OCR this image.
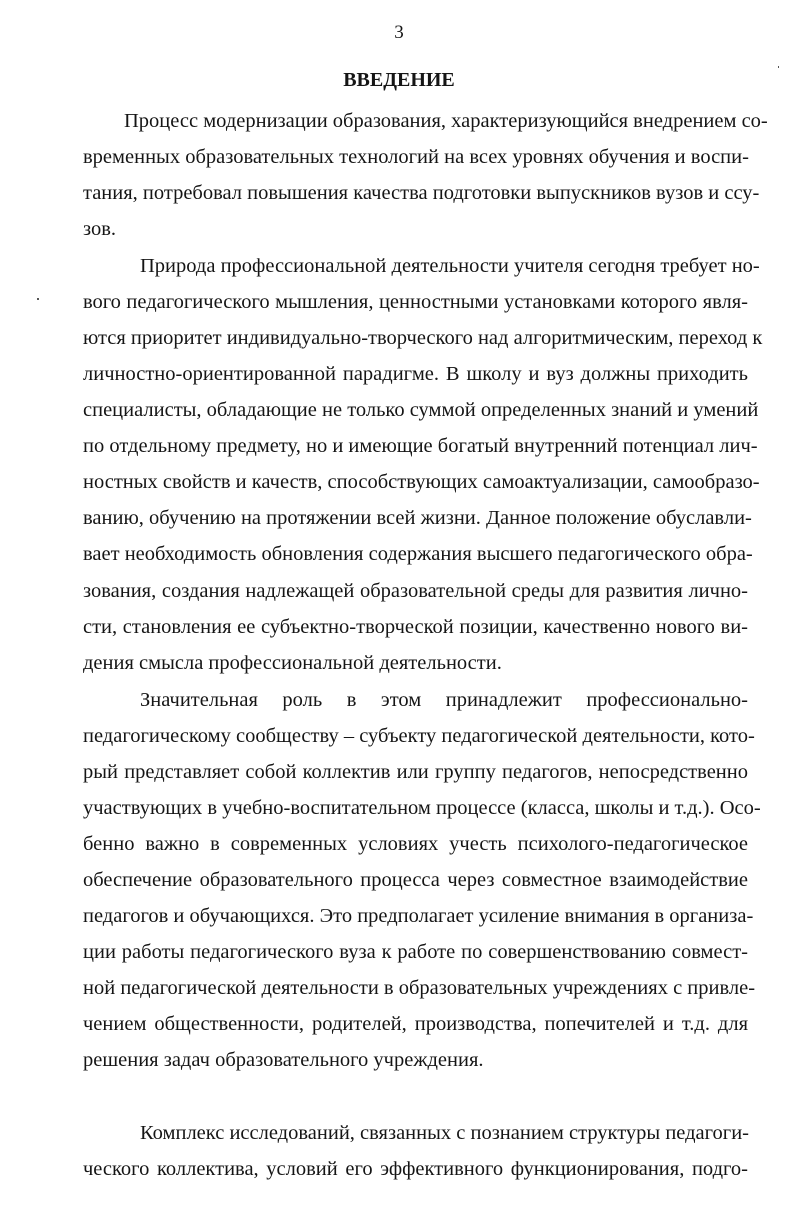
3
ВВЕДЕНИЕ
Процесс модернизации образования, характеризующийся внедрением со-
временных образовательных технологий на всех уровнях обучения и воспи-
тания, потребовал повышения качества подготовки выпускников вузов и ссу-
зов.
Природа профессиональной деятельности учителя сегодня требует но-
вого педагогического мышления, ценностными установками которого явля-
ются приоритет индивидуально-творческого над алгоритмическим, переход к
личностно-ориентированной парадигме. В школу и вуз должны приходить
специалисты, обладающие не только суммой определенных знаний и умений
по отдельному предмету, но и имеющие богатый внутренний потенциал лич-
ностных свойств и качеств, способствующих самоактуализации, самообразо-
ванию, обучению на протяжении всей жизни. Данное положение обуславли-
вает необходимость обновления содержания высшего педагогического обра-
зования, создания надлежащей образовательной среды для развития лично-
сти, становления ее субъектно-творческой позиции, качественно нового ви-
дения смысла профессиональной деятельности.
Значительная роль в этом принадлежит профессионально-
педагогическому сообществу – субъекту педагогической деятельности, кото-
рый представляет собой коллектив или группу педагогов, непосредственно
участвующих в учебно-воспитательном процессе (класса, школы и т.д.). Осо-
бенно важно в современных условиях учесть психолого-педагогическое
обеспечение образовательного процесса через совместное взаимодействие
педагогов и обучающихся. Это предполагает усиление внимания в организа-
ции работы педагогического вуза к работе по совершенствованию совмест-
ной педагогической деятельности в образовательных учреждениях с привле-
чением общественности, родителей, производства, попечителей и т.д. для
решения задач образовательного учреждения.
Комплекс исследований, связанных с познанием структуры педагоги-
ческого коллектива, условий его эффективного функционирования, подго-
